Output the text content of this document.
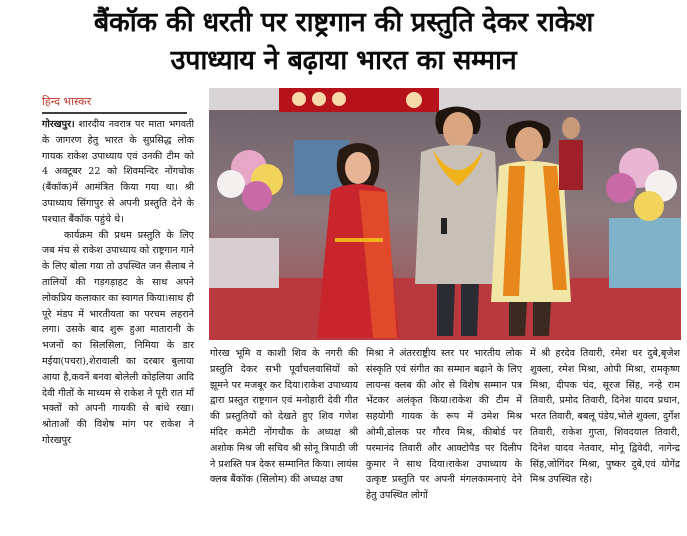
बैंकॉक की धरती पर राष्ट्रगान की प्रस्तुति देकर राकेश
उपाध्याय ने बढ़ाया भारत का सम्मान
हिन्द भास्कर

गोरखपुर। शारदीय नवरात्र पर माता भगवती के जागरण हेतु भारत के सुप्रसिद्ध लोक गायक राकेश उपाध्याय एवं उनकी टीम को 4 अक्टूबर 22 को शिवमन्दिर नोंगचोक (बैंकॉक)में आमंत्रित किया गया था। श्री उपाध्याय सिंगापुर से अपनी प्रस्तुति देने के पश्चात बैंकॉक पहुंचे थे।

कार्यक्रम की प्रथम प्रस्तुति के लिए जब मंच से राकेश उपाध्याय को राष्ट्रगान गाने के लिए बोला गया तो उपस्थित जन सैलाब ने तालियों की गड़गड़ाहट के साथ अपने लोकप्रिय कलाकार का स्वागत किया।साथ ही पूरे मंडप में भारतीयता का परचम लहराने लगा। उसके बाद शुरू हुआ मातारानी के भजनों का सिलसिला, निमिया के डार मईया(पचरा),शेरावाली का दरबार बुलाया आया है,कवनें बनवा बोलेली कोइलिया आदि देवी गीतों के माध्यम से राकेश ने पूरी रात माँ भक्तों को अपनी गायकी से बांधे रखा।श्रोताओं की विशेष मांग पर राकेश ने गोरखपुर

गोरख भूमि व काशी शिव के नगरी की प्रस्तुति देकर सभी पूर्वांचलवासियों को झूमने पर मजबूर कर दिया।राकेश उपाध्याय द्वारा प्रस्तुत राष्ट्रगान एवं मनोहारी देवी गीत की प्रस्तुतियों को देखते हुए शिव गणेश मंदिर कमेटी नोंगचौक के अध्यक्ष श्री अशोक मिश्र जी सचिव श्री सोनू त्रिपाठी जी ने प्रशस्ति पत्र देकर सम्मानित किया। लायंस क्लब बैंकॉक (सिलोम) की अध्यक्ष उषा

मिश्रा ने अंतरराष्ट्रीय स्तर पर भारतीय लोक संस्कृति एवं संगीत का सम्मान बढ़ाने के लिए लायन्स क्लब की ओर से विशेष सम्मान पत्र भेंटकर अलंकृत किया।राकेश की टीम में सहयोगी गायक के रूप में उमेश मिश्र ओमी,ढोलक पर गौरव मिश्र, कीबोर्ड पर परमानंद तिवारी और आक्टोपैड पर दिलीप कुमार ने साथ दिया।राकेश उपाध्याय के उत्कृष्ट प्रस्तुति पर अपनी मंगलकामनाएं देने हेतु उपस्थित लोगों

में श्री हरदेव तिवारी, रमेश धर दुबे,बृजेश शुक्ला, रमेश मिश्रा, ओपी मिश्रा, रामकृष्ण मिश्रा, दीपक चंद, सूरज सिंह, नन्हे राम तिवारी, प्रमोद तिवारी, दिनेश यादव प्रधान, भरत तिवारी, बबलू पंडेय,भोले शुक्ला, दुर्गेश तिवारी, राकेश गुप्ता, शिवदयाल तिवारी, दिनेश यादव नेतवार, मोनू द्विवेदी, नागेन्द्र सिंह,जोगिंदर मिश्रा, पुष्कर दुबे,एवं योगेंद्र मिश्र उपस्थित रहे।
